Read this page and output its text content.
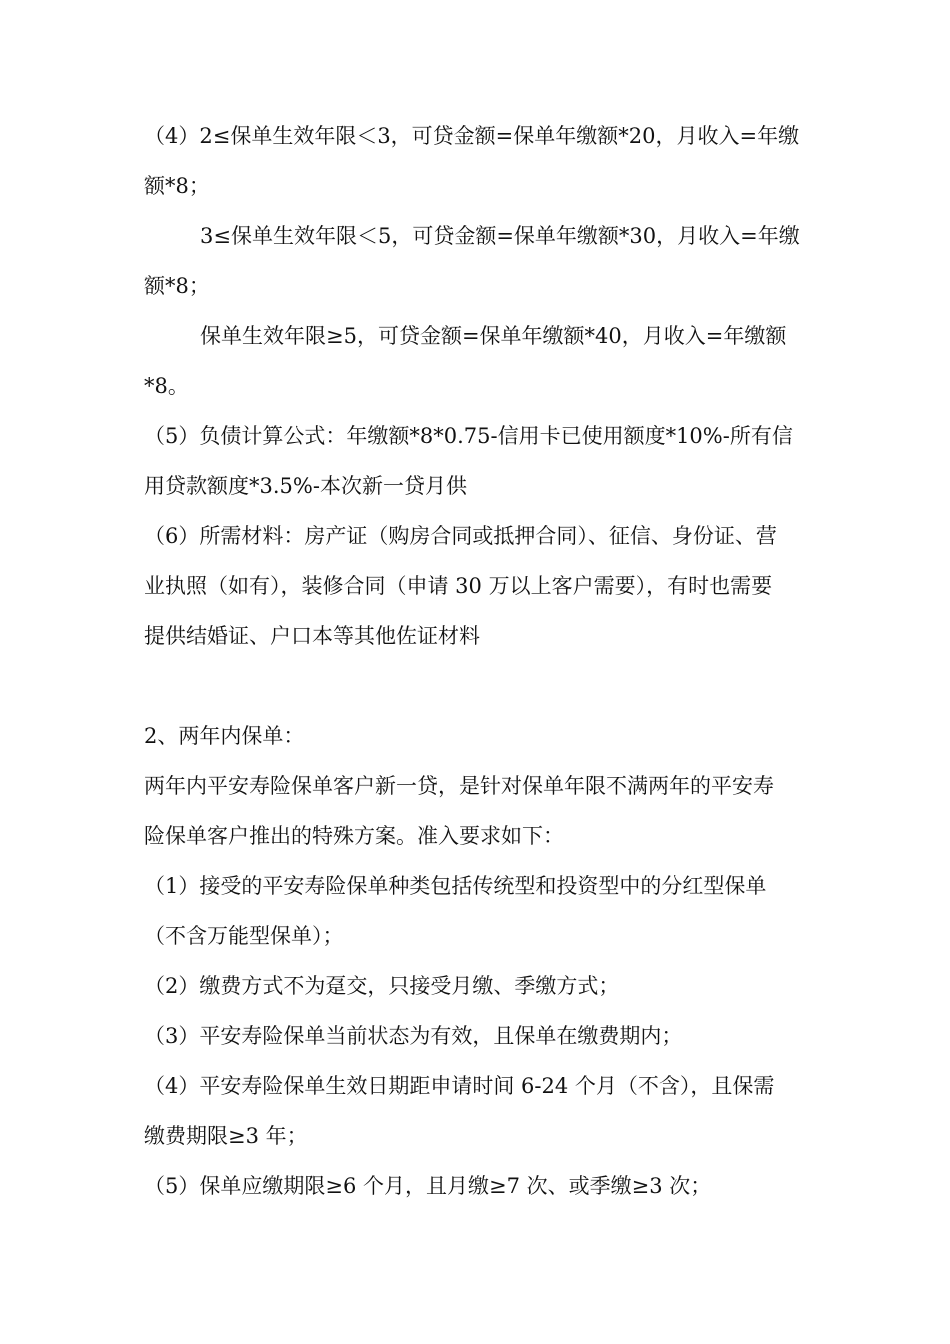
（4）2≤保单生效年限＜3，可贷金额=保单年缴额*20，月收入=年缴
额*8；
3≤保单生效年限＜5，可贷金额=保单年缴额*30，月收入=年缴
额*8；
保单生效年限≥5，可贷金额=保单年缴额*40，月收入=年缴额
*8。
（5）负债计算公式：年缴额*8*0.75-信用卡已使用额度*10%-所有信
用贷款额度*3.5%-本次新一贷月供
（6）所需材料：房产证（购房合同或抵押合同）、征信、身份证、营
业执照（如有），装修合同（申请 30 万以上客户需要），有时也需要
提供结婚证、户口本等其他佐证材料
2、两年内保单：
两年内平安寿险保单客户新一贷，是针对保单年限不满两年的平安寿
险保单客户推出的特殊方案。准入要求如下：
（1）接受的平安寿险保单种类包括传统型和投资型中的分红型保单
（不含万能型保单）；
（2）缴费方式不为趸交，只接受月缴、季缴方式；
（3）平安寿险保单当前状态为有效，且保单在缴费期内；
（4）平安寿险保单生效日期距申请时间 6-24 个月（不含），且保需
缴费期限≥3 年；
（5）保单应缴期限≥6 个月，且月缴≥7 次、或季缴≥3 次；
